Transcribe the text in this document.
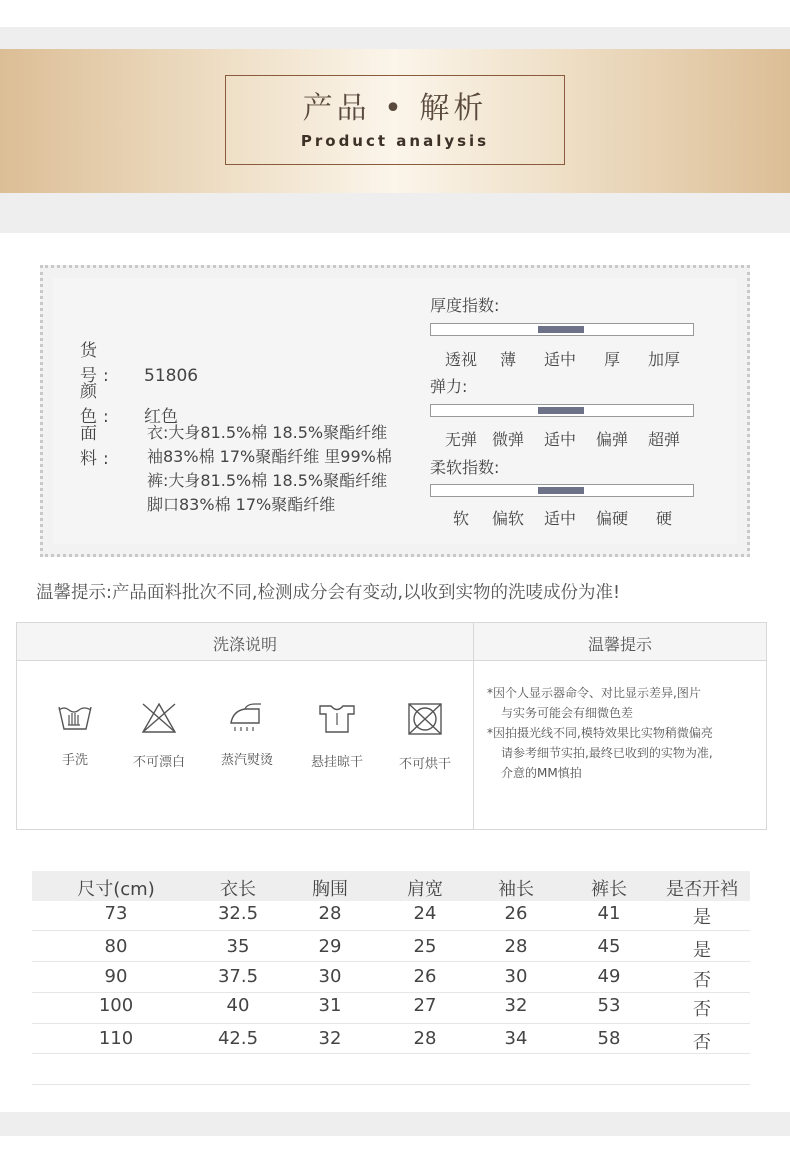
产品 • 解析
Product analysis
货 号: 51806
颜 色: 红色
面 料:
衣:大身81.5%棉 18.5%聚酯纤维
袖83%棉 17%聚酯纤维 里99%棉
裤:大身81.5%棉 18.5%聚酯纤维
脚口83%棉 17%聚酯纤维
厚度指数:
透视	薄	适中	厚	加厚
弹力:
无弹 微弹	适中	偏弹	超弹
柔软指数:
软	偏软	适中	偏硬	硬
温馨提示:产品面料批次不同,检测成分会有变动,以收到实物的洗唛成份为准!
洗涤说明	温馨提示
手洗	不可漂白	蒸汽熨烫	悬挂晾干	不可烘干
*因个人显示器命令、对比显示差异,图片
与实务可能会有细微色差
*因拍摄光线不同,模特效果比实物稍微偏亮
请参考细节实拍,最终已收到的实物为准,
介意的MM慎拍
尺寸(cm)	衣长	胸围	肩宽	袖长	裤长	是否开裆
73	32.5	28	24	26	41	是
80	35	29	25	28	45	是
90	37.5	30	26	30	49	否
100	40	31	27	32	53	否
110	42.5	32	28	34	58	否
